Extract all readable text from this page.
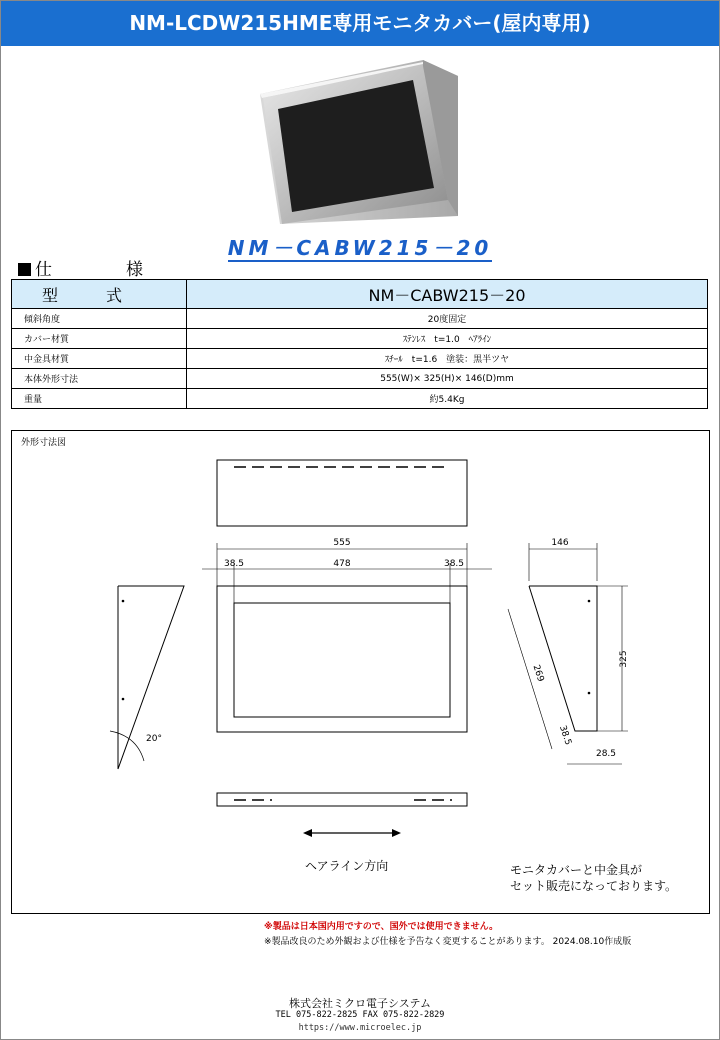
NM-LCDW215HME専用モニタカバー(屋内専用)
NM－CABW215－20
仕	様
型　　　式	NM－CABW215－20
傾斜角度	20度固定
カバー材質	ｽﾃﾝﾚｽ　t=1.0　ﾍｱﾗｲﾝ
中金具材質	ｽﾁｰﾙ　t=1.6　塗装：黒半ツヤ
本体外形寸法	555(W)× 325(H)× 146(D)mm
重量	約5.4Kg
外形寸法図
555
478
38.5	38.5
146
325
269
38.5
28.5
20°
ヘアライン方向	モニタカバーと中金具が
セット販売になっております。
※製品は日本国内用ですので、国外では使用できません。
※製品改良のため外観および仕様を予告なく変更することがあります。 2024.08.10作成版
株式会社ミクロ電子システム
TEL 075-822-2825 FAX 075-822-2829
https://www.microelec.jp
